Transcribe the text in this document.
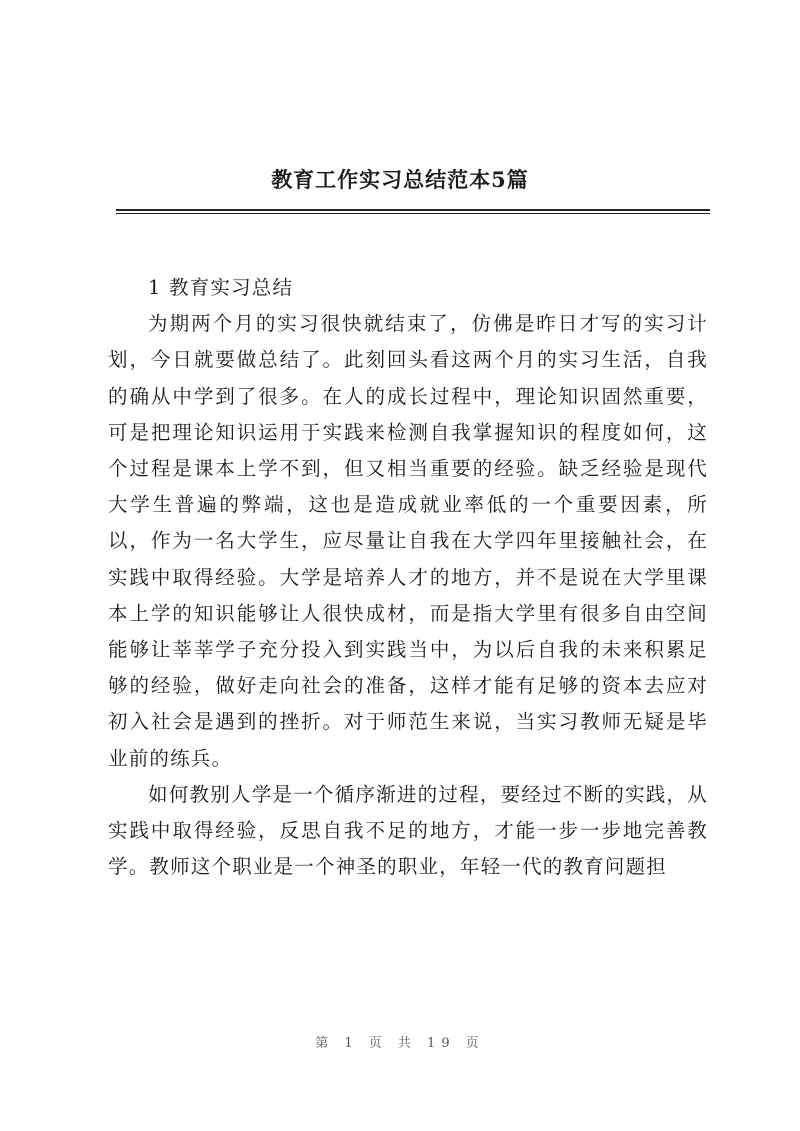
教育工作实习总结范本5篇
1 教育实习总结

为期两个月的实习很快就结束了，仿佛是昨日才写的实习计划，今日就要做总结了。此刻回头看这两个月的实习生活，自我的确从中学到了很多。在人的成长过程中，理论知识固然重要，可是把理论知识运用于实践来检测自我掌握知识的程度如何，这个过程是课本上学不到，但又相当重要的经验。缺乏经验是现代大学生普遍的弊端，这也是造成就业率低的一个重要因素，所以，作为一名大学生，应尽量让自我在大学四年里接触社会，在实践中取得经验。大学是培养人才的地方，并不是说在大学里课本上学的知识能够让人很快成材，而是指大学里有很多自由空间能够让莘莘学子充分投入到实践当中，为以后自我的未来积累足够的经验，做好走向社会的准备，这样才能有足够的资本去应对初入社会是遇到的挫折。对于师范生来说，当实习教师无疑是毕业前的练兵。

如何教别人学是一个循序渐进的过程，要经过不断的实践，从实践中取得经验，反思自我不足的地方，才能一步一步地完善教学。教师这个职业是一个神圣的职业，年轻一代的教育问题担

第 1 页 共 19 页
